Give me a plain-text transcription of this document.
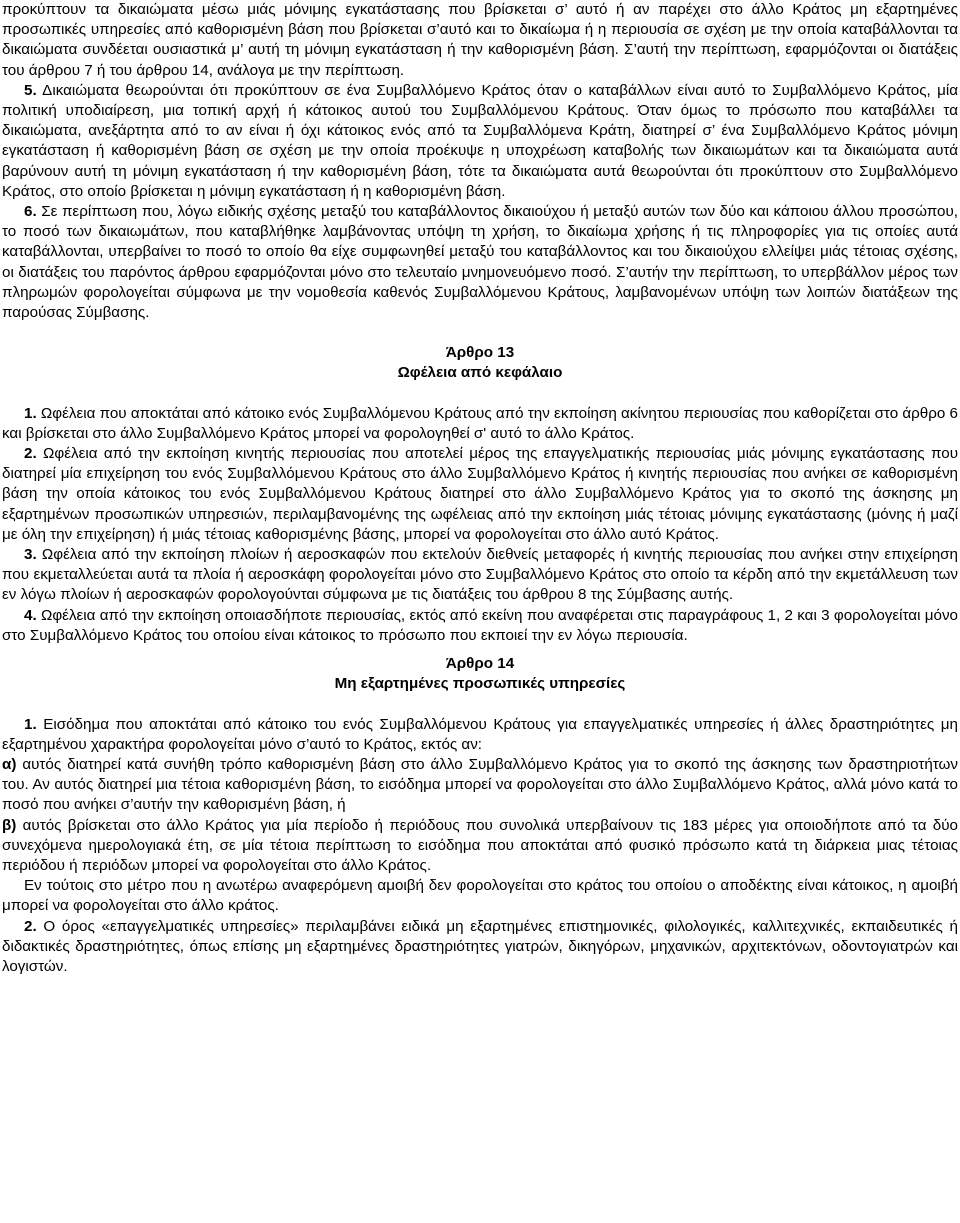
προκύπτουν τα δικαιώματα μέσω μιάς μόνιμης εγκατάστασης που βρίσκεται σ’ αυτό ή αν παρέχει στο άλλο Κράτος μη εξαρτημένες προσωπικές υπηρεσίες από καθορισμένη βάση που βρίσκεται σ’αυτό και το δικαίωμα ή η περιουσία σε σχέση με την οποία καταβάλλονται τα δικαιώματα συνδέεται ουσιαστικά μ’ αυτή τη μόνιμη εγκατάσταση ή την καθορισμένη βάση. Σ’αυτή την περίπτωση, εφαρμόζονται οι διατάξεις του άρθρου 7 ή του άρθρου 14, ανάλογα με την περίπτωση.

5. Δικαιώματα θεωρούνται ότι προκύπτουν σε ένα Συμβαλλόμενο Κράτος όταν ο καταβάλλων είναι αυτό το Συμβαλλόμενο Κράτος, μία πολιτική υποδιαίρεση, μια τοπική αρχή ή κάτοικος αυτού του Συμβαλλόμενου Κράτους. Όταν όμως το πρόσωπο που καταβάλλει τα δικαιώματα, ανεξάρτητα από το αν είναι ή όχι κάτοικος ενός από τα Συμβαλλόμενα Κράτη, διατηρεί σ’ ένα Συμβαλλόμενο Κράτος μόνιμη εγκατάσταση ή καθορισμένη βάση σε σχέση με την οποία προέκυψε η υποχρέωση καταβολής των δικαιωμάτων και τα δικαιώματα αυτά βαρύνουν αυτή τη μόνιμη εγκατάσταση ή την καθορισμένη βάση, τότε τα δικαιώματα αυτά θεωρούνται ότι προκύπτουν στο Συμβαλλόμενο Κράτος, στο οποίο βρίσκεται η μόνιμη εγκατάσταση ή η καθορισμένη βάση.

6. Σε περίπτωση που, λόγω ειδικής σχέσης μεταξύ του καταβάλλοντος δικαιούχου ή μεταξύ αυτών των δύο και κάποιου άλλου προσώπου, το ποσό των δικαιωμάτων, που καταβλήθηκε λαμβάνοντας υπόψη τη χρήση, το δικαίωμα χρήσης ή τις πληροφορίες για τις οποίες αυτά καταβάλλονται, υπερβαίνει το ποσό το οποίο θα είχε συμφωνηθεί μεταξύ του καταβάλλοντος και του δικαιούχου ελλείψει μιάς τέτοιας σχέσης, οι διατάξεις του παρόντος άρθρου εφαρμόζονται μόνο στο τελευταίο μνημονευόμενο ποσό. Σ’αυτήν την περίπτωση, το υπερβάλλον μέρος των πληρωμών φορολογείται σύμφωνα με την νομοθεσία καθενός Συμβαλλόμενου Κράτους, λαμβανομένων υπόψη των λοιπών διατάξεων της παρούσας Σύμβασης.

Άρθρο 13

Ωφέλεια από κεφάλαιο

1. Ωφέλεια που αποκτάται από κάτοικο ενός Συμβαλλόμενου Κράτους από την εκποίηση ακίνητου περιουσίας που καθορίζεται στο άρθρο 6 και βρίσκεται στο άλλο Συμβαλλόμενο Κράτος μπορεί να φορολογηθεί σ' αυτό το άλλο Κράτος.

2. Ωφέλεια από την εκποίηση κινητής περιουσίας που αποτελεί μέρος της επαγγελματικής περιουσίας μιάς μόνιμης εγκατάστασης που διατηρεί μία επιχείρηση του ενός Συμβαλλόμενου Κράτους στο άλλο Συμβαλλόμενο Κράτος ή κινητής περιουσίας που ανήκει σε καθορισμένη βάση την οποία κάτοικος του ενός Συμβαλλόμενου Κράτους διατηρεί στο άλλο Συμβαλλόμενο Κράτος για το σκοπό της άσκησης μη εξαρτημένων προσωπικών υπηρεσιών, περιλαμβανομένης της ωφέλειας από την εκποίηση μιάς τέτοιας μόνιμης εγκατάστασης (μόνης ή μαζί με όλη την επιχείρηση) ή μιάς τέτοιας καθορισμένης βάσης, μπορεί να φορολογείται στο άλλο αυτό Κράτος.

3. Ωφέλεια από την εκποίηση πλοίων ή αεροσκαφών που εκτελούν διεθνείς μεταφορές ή κινητής περιουσίας που ανήκει στην επιχείρηση που εκμεταλλεύεται αυτά τα πλοία ή αεροσκάφη φορολογείται μόνο στο Συμβαλλόμενο Κράτος στο οποίο τα κέρδη από την εκμετάλλευση των εν λόγω πλοίων ή αεροσκαφών φορολογούνται σύμφωνα με τις διατάξεις του άρθρου 8 της Σύμβασης αυτής.

4. Ωφέλεια από την εκποίηση οποιασδήποτε περιουσίας, εκτός από εκείνη που αναφέρεται στις παραγράφους 1, 2 και 3 φορολογείται μόνο στο Συμβαλλόμενο Κράτος του οποίου είναι κάτοικος το πρόσωπο που εκποιεί την εν λόγω περιουσία.

Άρθρο 14

Μη εξαρτημένες προσωπικές υπηρεσίες

1. Εισόδημα που αποκτάται από κάτοικο του ενός Συμβαλλόμενου Κράτους για επαγγελματικές υπηρεσίες ή άλλες δραστηριότητες μη εξαρτημένου χαρακτήρα φορολογείται μόνο σ’αυτό το Κράτος, εκτός αν:

α) αυτός διατηρεί κατά συνήθη τρόπο καθορισμένη βάση στο άλλο Συμβαλλόμενο Κράτος για το σκοπό της άσκησης των δραστηριοτήτων του. Αν αυτός διατηρεί μια τέτοια καθορισμένη βάση, το εισόδημα μπορεί να φορολογείται στο άλλο Συμβαλλόμενο Κράτος, αλλά μόνο κατά το ποσό που ανήκει σ’αυτήν την καθορισμένη βάση, ή

β) αυτός βρίσκεται στο άλλο Κράτος για μία περίοδο ή περιόδους που συνολικά υπερβαίνουν τις 183 μέρες για οποιοδήποτε από τα δύο συνεχόμενα ημερολογιακά έτη, σε μία τέτοια περίπτωση το εισόδημα που αποκτάται από φυσικό πρόσωπο κατά τη διάρκεια μιας τέτοιας περιόδου ή περιόδων μπορεί να φορολογείται στο άλλο Κράτος.

Εν τούτοις στο μέτρο που η ανωτέρω αναφερόμενη αμοιβή δεν φορολογείται στο κράτος του οποίου ο αποδέκτης είναι κάτοικος, η αμοιβή μπορεί να φορολογείται στο άλλο κράτος.

2. Ο όρος «επαγγελματικές υπηρεσίες» περιλαμβάνει ειδικά μη εξαρτημένες επιστημονικές, φιλολογικές, καλλιτεχνικές, εκπαιδευτικές ή διδακτικές δραστηριότητες, όπως επίσης μη εξαρτημένες δραστηριότητες γιατρών, δικηγόρων, μηχανικών, αρχιτεκτόνων, οδοντογιατρών και λογιστών.
